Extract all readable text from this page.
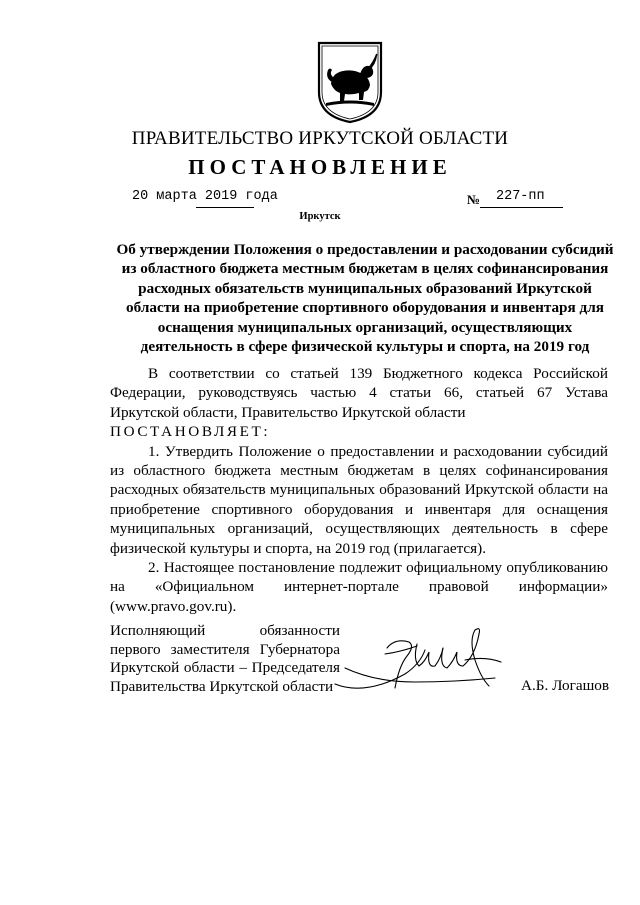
ПРАВИТЕЛЬСТВО ИРКУТСКОЙ ОБЛАСТИ
ПОСТАНОВЛЕНИЕ
20 марта 2019 года	№ 227-пп
Иркутск

Об утверждении Положения о предоставлении и расходовании субсидий из областного бюджета местным бюджетам в целях софинансирования расходных обязательств муниципальных образований Иркутской области на приобретение спортивного оборудования и инвентаря для оснащения муниципальных организаций, осуществляющих деятельность в сфере физической культуры и спорта, на 2019 год

В соответствии со статьей 139 Бюджетного кодекса Российской Федерации, руководствуясь частью 4 статьи 66, статьей 67 Устава Иркутской области, Правительство Иркутской области

ПОСТАНОВЛЯЕТ:

1. Утвердить Положение о предоставлении и расходовании субсидий из областного бюджета местным бюджетам в целях софинансирования расходных обязательств муниципальных образований Иркутской области на приобретение спортивного оборудования и инвентаря для оснащения муниципальных организаций, осуществляющих деятельность в сфере физической культуры и спорта, на 2019 год (прилагается).

2. Настоящее постановление подлежит официальному опубликованию на «Официальном интернет-портале правовой информации»

(www.pravo.gov.ru).

Исполняющий обязанности
первого заместителя Губернатора
Иркутской области – Председателя
Правительства Иркутской области	А.Б. Логашов
